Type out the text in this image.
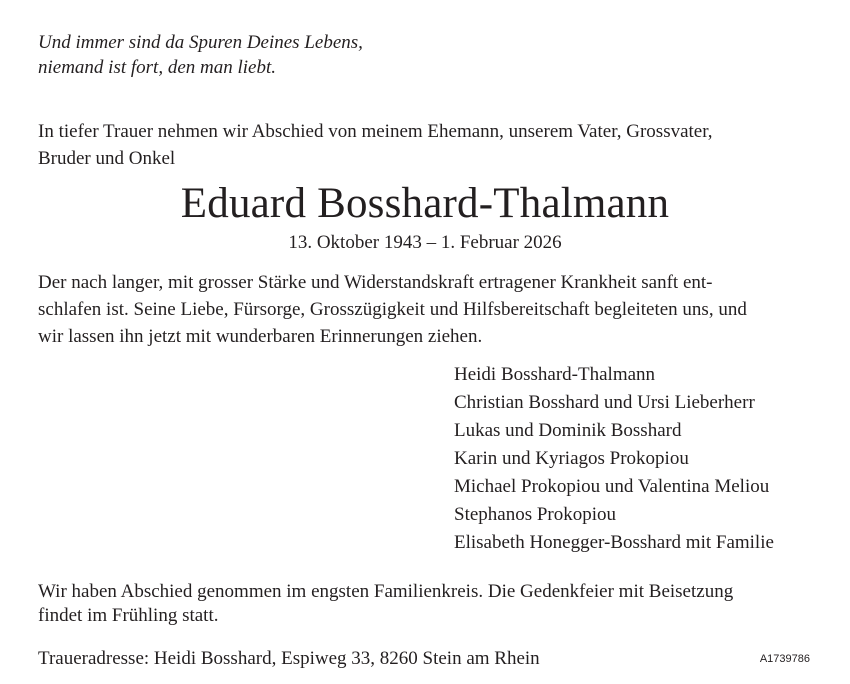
Und immer sind da Spuren Deines Lebens,
niemand ist fort, den man liebt.
In tiefer Trauer nehmen wir Abschied von meinem Ehemann, unserem Vater, Grossvater,
Bruder und Onkel
Eduard Bosshard-Thalmann
13. Oktober 1943 – 1. Februar 2026
Der nach langer, mit grosser Stärke und Widerstandskraft ertragener Krankheit sanft ent-
schlafen ist. Seine Liebe, Fürsorge, Grosszügigkeit und Hilfsbereitschaft begleiteten uns, und
wir lassen ihn jetzt mit wunderbaren Erinnerungen ziehen.
Heidi Bosshard-Thalmann
Christian Bosshard und Ursi Lieberherr
Lukas und Dominik Bosshard
Karin und Kyriagos Prokopiou
Michael Prokopiou und Valentina Meliou
Stephanos Prokopiou
Elisabeth Honegger-Bosshard mit Familie
Wir haben Abschied genommen im engsten Familienkreis. Die Gedenkfeier mit Beisetzung
findet im Frühling statt.
Traueradresse: Heidi Bosshard, Espiweg 33, 8260 Stein am Rhein	A1739786
